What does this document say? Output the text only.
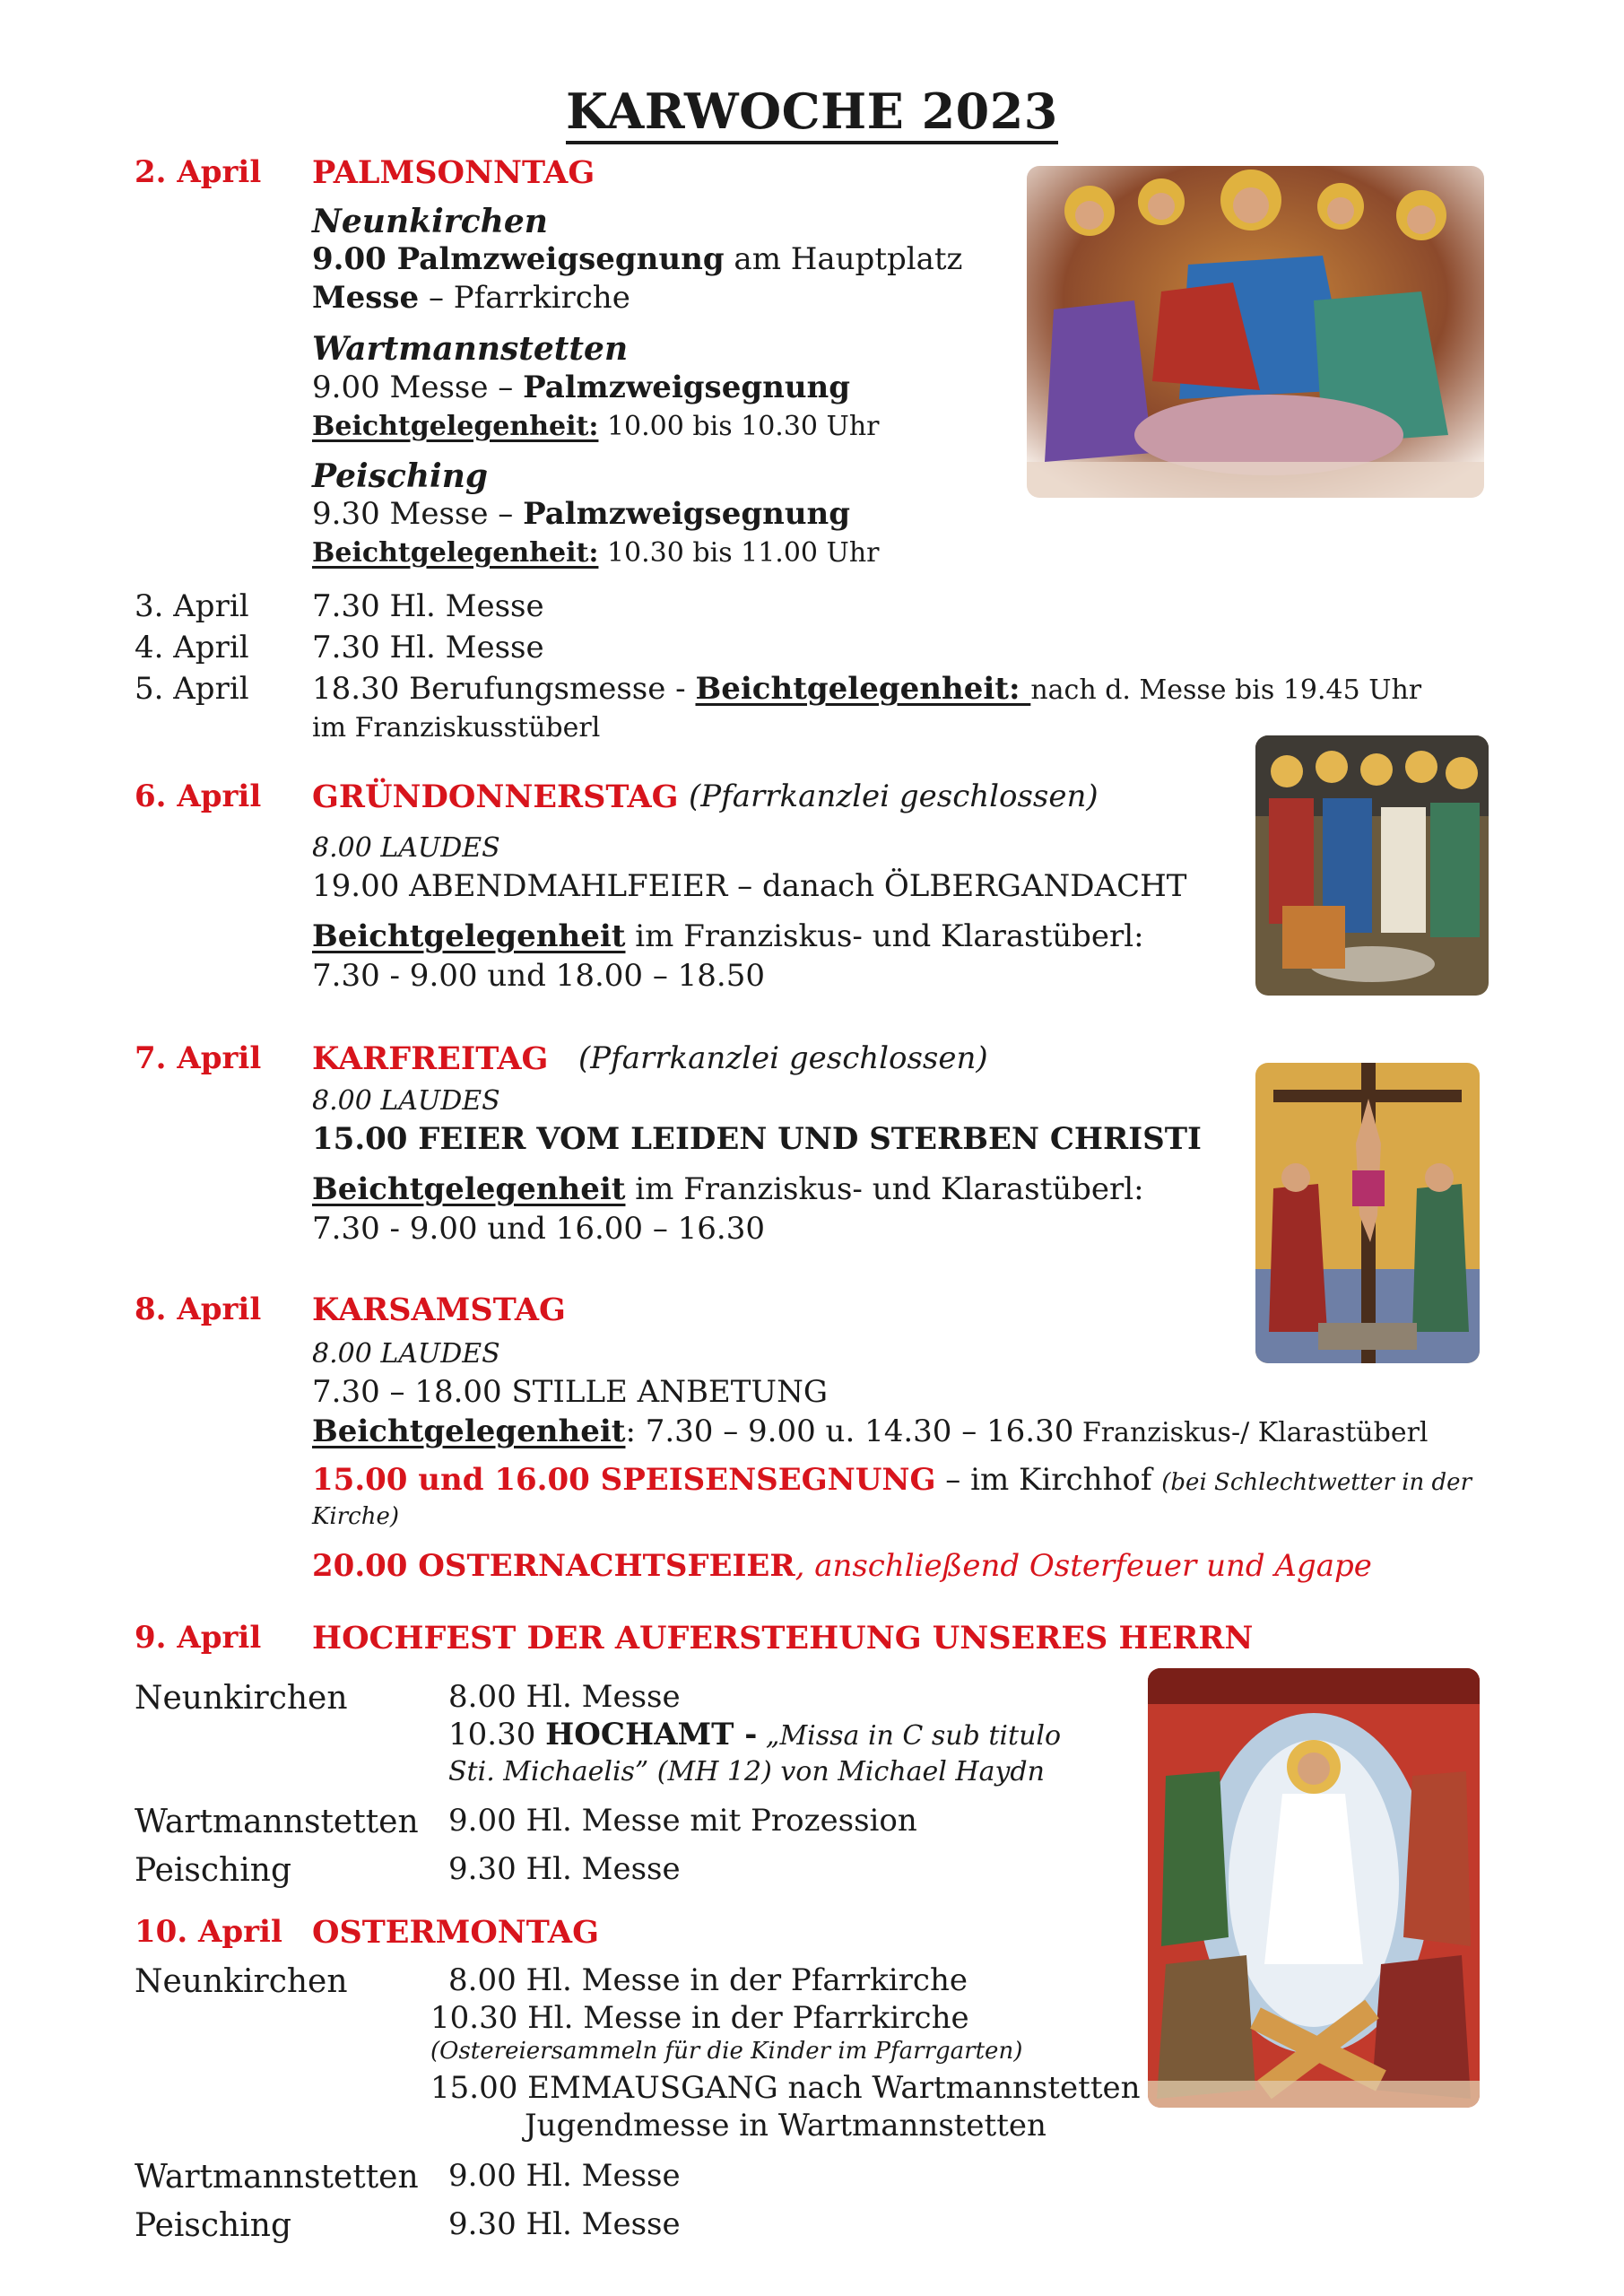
KARWOCHE 2023
2. April PALMSONNTAG
Neunkirchen
9.00 Palmzweigsegnung am Hauptplatz
Messe – Pfarrkirche
Wartmannstetten
9.00 Messe – Palmzweigsegnung
Beichtgelegenheit: 10.00 bis 10.30 Uhr
Peisching
9.30 Messe – Palmzweigsegnung
Beichtgelegenheit: 10.30 bis 11.00 Uhr
3. April 7.30 Hl. Messe
4. April 7.30 Hl. Messe
5. April 18.30 Berufungsmesse - Beichtgelegenheit: nach d. Messe bis 19.45 Uhr
im Franziskusstüberl
6. April GRÜNDONNERSTAG (Pfarrkanzlei geschlossen)
8.00 LAUDES
19.00 ABENDMAHLFEIER – danach ÖLBERGANDACHT
Beichtgelegenheit im Franziskus- und Klarastüberl:
7.30 - 9.00 und 18.00 – 18.50
7. April KARFREITAG (Pfarrkanzlei geschlossen)
8.00 LAUDES
15.00 FEIER VOM LEIDEN UND STERBEN CHRISTI
Beichtgelegenheit im Franziskus- und Klarastüberl:
7.30 - 9.00 und 16.00 – 16.30
8. April KARSAMSTAG
8.00 LAUDES
7.30 – 18.00 STILLE ANBETUNG
Beichtgelegenheit: 7.30 – 9.00 u. 14.30 – 16.30 Franziskus-/ Klarastüberl
15.00 und 16.00 SPEISENSEGNUNG – im Kirchhof (bei Schlechtwetter in der
Kirche)
20.00 OSTERNACHTSFEIER, anschließend Osterfeuer und Agape
9. April HOCHFEST DER AUFERSTEHUNG UNSERES HERRN
Neunkirchen	8.00 Hl. Messe
10.30 HOCHAMT - „Missa in C sub titulo
Sti. Michaelis” (MH 12) von Michael Haydn
Wartmannstetten 9.00 Hl. Messe mit Prozession
Peisching	9.30 Hl. Messe
10. April OSTERMONTAG
Neunkirchen	8.00 Hl. Messe in der Pfarrkirche
10.30 Hl. Messe in der Pfarrkirche
(Ostereiersammeln für die Kinder im Pfarrgarten)
15.00 EMMAUSGANG nach Wartmannstetten
Jugendmesse in Wartmannstetten
Wartmannstetten 9.00 Hl. Messe
Peisching	9.30 Hl. Messe
